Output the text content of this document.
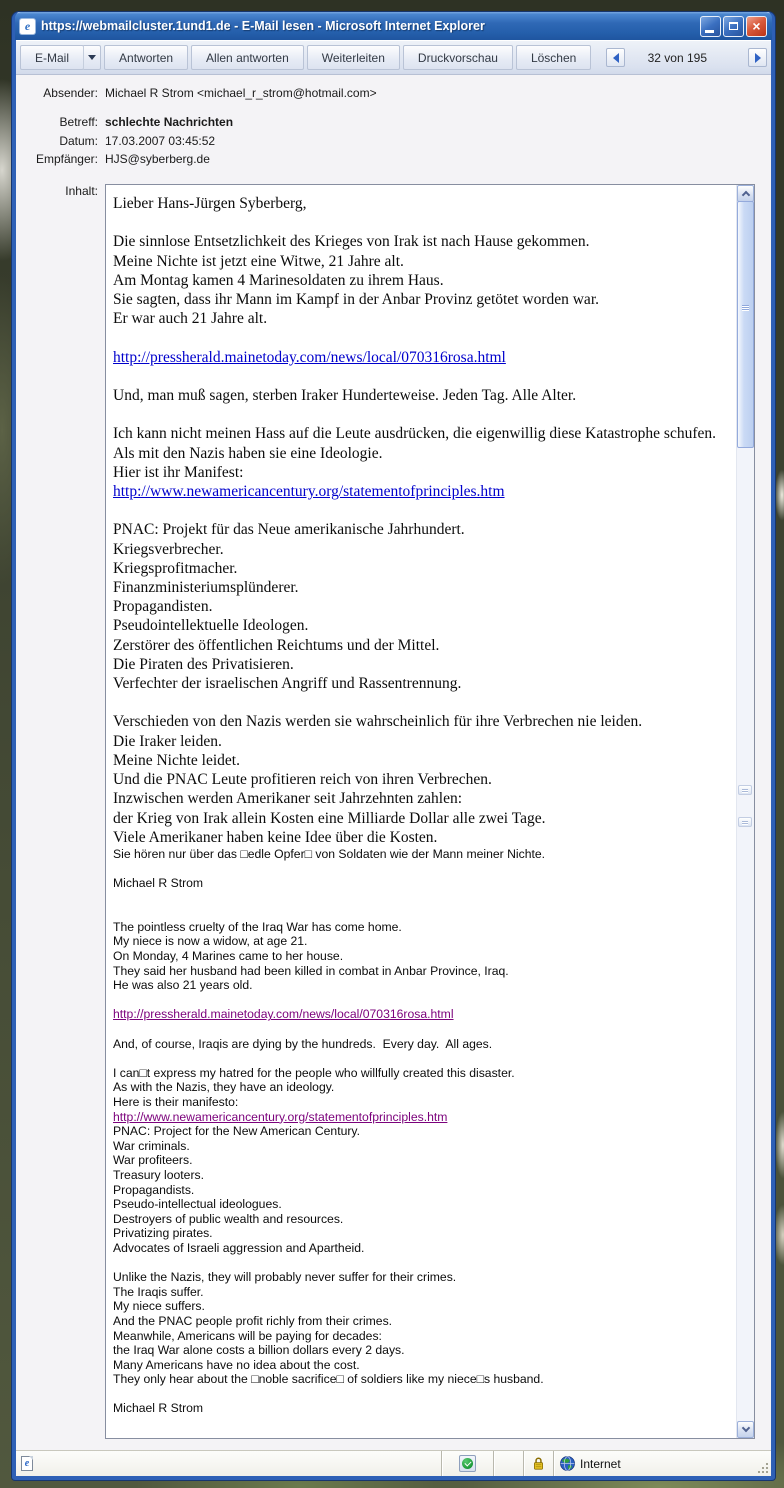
e https://webmailcluster.1und1.de - E-Mail lesen - Microsoft Internet Explorer	×
E-Mail	Antworten	Allen antworten	Weiterleiten	Druckvorschau	Löschen	32 von 195
Absender: Michael R Strom <michael_r_strom@hotmail.com>
Betreff: schlechte Nachrichten
Datum: 17.03.2007 03:45:52
Empfänger: HJS@syberberg.de
Inhalt:
Lieber Hans-Jürgen Syberberg,

Die sinnlose Entsetzlichkeit des Krieges von Irak ist nach Hause gekommen.
Meine Nichte ist jetzt eine Witwe, 21 Jahre alt.
Am Montag kamen 4 Marinesoldaten zu ihrem Haus.
Sie sagten, dass ihr Mann im Kampf in der Anbar Provinz getötet worden war.
Er war auch 21 Jahre alt.

http://pressherald.mainetoday.com/news/local/070316rosa.html

Und, man muß sagen, sterben Iraker Hunderteweise. Jeden Tag. Alle Alter.

Ich kann nicht meinen Hass auf die Leute ausdrücken, die eigenwillig diese Katastrophe schufen.
Als mit den Nazis haben sie eine Ideologie.
Hier ist ihr Manifest:
http://www.newamericancentury.org/statementofprinciples.htm

PNAC: Projekt für das Neue amerikanische Jahrhundert.
Kriegsverbrecher.
Kriegsprofitmacher.
Finanzministeriumsplünderer.
Propagandisten.
Pseudointellektuelle Ideologen.
Zerstörer des öffentlichen Reichtums und der Mittel.
Die Piraten des Privatisieren.
Verfechter der israelischen Angriff und Rassentrennung.

Verschieden von den Nazis werden sie wahrscheinlich für ihre Verbrechen nie leiden.
Die Iraker leiden.
Meine Nichte leidet.
Und die PNAC Leute profitieren reich von ihren Verbrechen.
Inzwischen werden Amerikaner seit Jahrzehnten zahlen:
der Krieg von Irak allein Kosten eine Milliarde Dollar alle zwei Tage.
Viele Amerikaner haben keine Idee über die Kosten.
Sie hören nur über das □edle Opfer□ von Soldaten wie der Mann meiner Nichte.

Michael R Strom

The pointless cruelty of the Iraq War has come home.
My niece is now a widow, at age 21.
On Monday, 4 Marines came to her house.
They said her husband had been killed in combat in Anbar Province, Iraq.
He was also 21 years old.

http://pressherald.mainetoday.com/news/local/070316rosa.html

And, of course, Iraqis are dying by the hundreds.  Every day.  All ages.

I can□t express my hatred for the people who willfully created this disaster.
As with the Nazis, they have an ideology.
Here is their manifesto:
http://www.newamericancentury.org/statementofprinciples.htm
PNAC: Project for the New American Century.
War criminals.
War profiteers.
Treasury looters.
Propagandists.
Pseudo-intellectual ideologues.
Destroyers of public wealth and resources.
Privatizing pirates.
Advocates of Israeli aggression and Apartheid.

Unlike the Nazis, they will probably never suffer for their crimes.
The Iraqis suffer.
My niece suffers.
And the PNAC people profit richly from their crimes.
Meanwhile, Americans will be paying for decades:
the Iraq War alone costs a billion dollars every 2 days.
Many Americans have no idea about the cost.
They only hear about the □noble sacrifice□ of soldiers like my niece□s husband.

Michael R Strom
e	Internet
